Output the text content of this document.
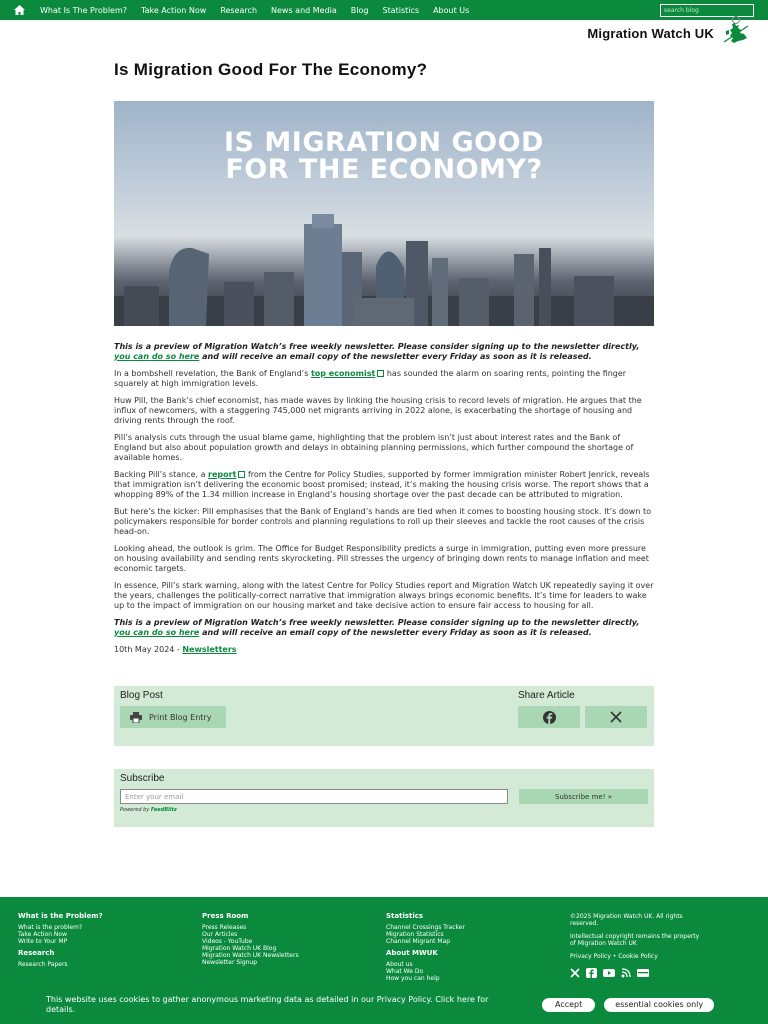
What Is The Problem? Take Action Now Research News and Media Blog Statistics About Us
search blog
Migration Watch UK
Is Migration Good For The Economy?
IS MIGRATION GOOD
FOR THE ECONOMY?

This is a preview of Migration Watch’s free weekly newsletter. Please consider signing up to the newsletter directly, you can do so here and will receive an email copy of the newsletter every Friday as soon as it is released.

In a bombshell revelation, the Bank of England’s top economist has sounded the alarm on soaring rents, pointing the finger squarely at high immigration levels.

Huw Pill, the Bank’s chief economist, has made waves by linking the housing crisis to record levels of migration. He argues that the influx of newcomers, with a staggering 745,000 net migrants arriving in 2022 alone, is exacerbating the shortage of housing and driving rents through the roof.

Pill’s analysis cuts through the usual blame game, highlighting that the problem isn’t just about interest rates and the Bank of England but also about population growth and delays in obtaining planning permissions, which further compound the shortage of available homes.

Backing Pill’s stance, a report from the Centre for Policy Studies, supported by former immigration minister Robert Jenrick, reveals that immigration isn’t delivering the economic boost promised; instead, it’s making the housing crisis worse. The report shows that a whopping 89% of the 1.34 million increase in England’s housing shortage over the past decade can be attributed to migration.

But here’s the kicker: Pill emphasises that the Bank of England’s hands are tied when it comes to boosting housing stock. It’s down to policymakers responsible for border controls and planning regulations to roll up their sleeves and tackle the root causes of the crisis head-on.

Looking ahead, the outlook is grim. The Office for Budget Responsibility predicts a surge in immigration, putting even more pressure on housing availability and sending rents skyrocketing. Pill stresses the urgency of bringing down rents to manage inflation and meet economic targets.

In essence, Pill’s stark warning, along with the latest Centre for Policy Studies report and Migration Watch UK repeatedly saying it over the years, challenges the politically-correct narrative that immigration always brings economic benefits. It’s time for leaders to wake up to the impact of immigration on our housing market and take decisive action to ensure fair access to housing for all.

This is a preview of Migration Watch’s free weekly newsletter. Please consider signing up to the newsletter directly, you can do so here and will receive an email copy of the newsletter every Friday as soon as it is released.

10th May 2024 - Newsletters

Blog Post
Print Blog Entry
Share Article
Subscribe
Enter your email
Subscribe me! »
Powered by FeedBlitz
What is the Problem?
What is the problem?
Take Action Now
Write to Your MP
Research
Research Papers
Press Room
Press Releases
Our Articles
Videos - YouTube
Migration Watch UK Blog
Migration Watch UK Newsletters
Newsletter Signup
Statistics
Channel Crossings Tracker
Migration Statistics
Channel Migrant Map
About MWUK
About us
What We Do
How you can help
©2025 Migration Watch UK. All rights reserved.
Intellectual copyright remains the property of Migration Watch UK
Privacy Policy • Cookie Policy
This website uses cookies to gather anonymous marketing data as detailed in our Privacy Policy. Click here for details.
Accept	essential cookies only
